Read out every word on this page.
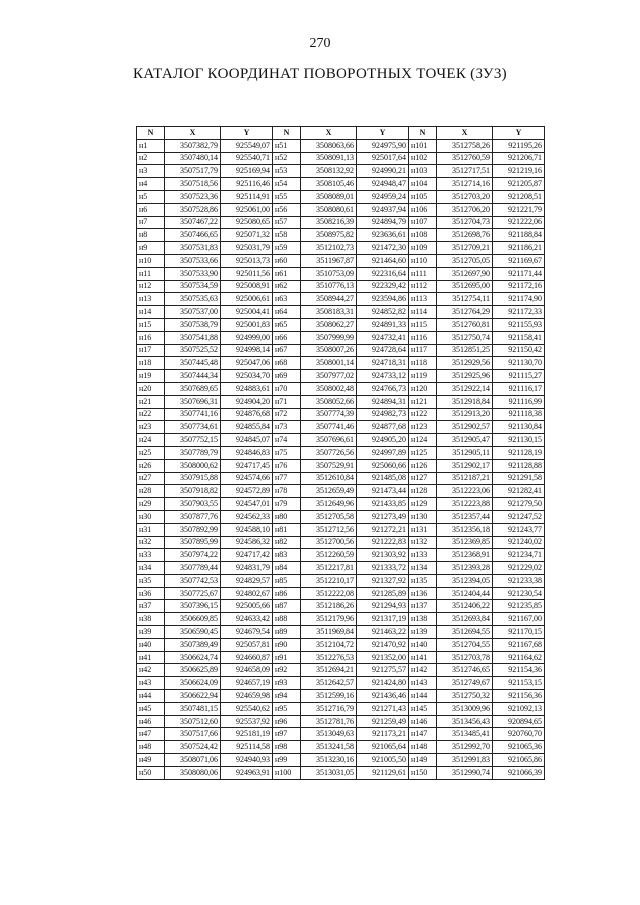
270
КАТАЛОГ КООРДИНАТ ПОВОРОТНЫХ ТОЧЕК (ЗУ3)
N	X	Y	N	X	Y	N	X	Y
н1	3507382,79	925549,07	н51	3508063,66	924975,90	н101	3512758,26	921195,26
н2	3507480,14	925540,71	н52	3508091,13	925017,64	н102	3512760,59	921206,71
н3	3507517,79	925169,94	н53	3508132,92	924990,21	н103	3512717,51	921219,16
н4	3507518,56	925116,46	н54	3508105,46	924948,47	н104	3512714,16	921205,87
н5	3507523,36	925114,91	н55	3508089,01	924959,24	н105	3512703,20	921208,51
н6	3507528,86	925061,00	н56	3508080,61	924937,94	н106	3512706,20	921221,79
н7	3507467,22	925080,65	н57	3508216,39	924894,79	н107	3512704,73	921222,06
н8	3507466,65	925071,32	н58	3508975,82	923636,61	н108	3512698,76	921188,84
н9	3507531,83	925031,79	н59	3512102,73	921472,30	н109	3512709,21	921186,21
н10	3507533,66	925013,73	н60	3511967,87	921464,60	н110	3512705,05	921169,67
н11	3507533,90	925011,56	н61	3510753,09	922316,64	н111	3512697,90	921171,44
н12	3507534,59	925008,91	н62	3510776,13	922329,42	н112	3512695,00	921172,16
н13	3507535,63	925006,61	н63	3508944,27	923594,86	н113	3512754,11	921174,90
н14	3507537,00	925004,41	н64	3508183,31	924852,82	н114	3512764,29	921172,33
н15	3507538,79	925001,83	н65	3508062,27	924891,33	н115	3512760,81	921155,93
н16	3507541,88	924999,00	н66	3507999,99	924732,41	н116	3512750,74	921158,41
н17	3507525,52	924998,14	н67	3508007,26	924728,64	н117	3512851,25	921150,42
н18	3507445,48	925047,06	н68	3508001,14	924718,31	н118	3512929,56	921130,70
н19	3507444,34	925034,70	н69	3507977,02	924733,12	н119	3512925,96	921115,27
н20	3507689,65	924883,61	н70	3508002,48	924766,73	н120	3512922,14	921116,17
н21	3507696,31	924904,20	н71	3508052,66	924894,31	н121	3512918,84	921116,99
н22	3507741,16	924876,68	н72	3507774,39	924982,73	н122	3512913,20	921118,38
н23	3507734,61	924855,84	н73	3507741,46	924877,68	н123	3512902,57	921130,84
н24	3507752,15	924845,07	н74	3507696,61	924905,20	н124	3512905,47	921130,15
н25	3507789,79	924846,83	н75	3507726,56	924997,89	н125	3512905,11	921128,19
н26	3508000,62	924717,45	н76	3507529,91	925060,66	н126	3512902,17	921128,88
н27	3507915,88	924574,66	н77	3512610,84	921485,08	н127	3512187,21	921291,58
н28	3507918,82	924572,89	н78	3512659,49	921473,44	н128	3512223,06	921282,41
н29	3507903,55	924547,01	н79	3512649,96	921433,85	н129	3512223,88	921279,50
н30	3507877,76	924562,33	н80	3512705,58	921273,49	н130	3512357,44	921247,52
н31	3507892,99	924588,10	н81	3512712,56	921272,21	н131	3512356,18	921243,77
н32	3507895,99	924586,32	н82	3512700,56	921222,83	н132	3512369,85	921240,02
н33	3507974,22	924717,42	н83	3512260,59	921303,92	н133	3512368,91	921234,71
н34	3507789,44	924831,79	н84	3512217,81	921333,72	н134	3512393,28	921229,02
н35	3507742,53	924829,57	н85	3512210,17	921327,92	н135	3512394,05	921233,38
н36	3507725,67	924802,67	н86	3512222,08	921285,89	н136	3512404,44	921230,54
н37	3507396,15	925005,66	н87	3512186,26	921294,93	н137	3512406,22	921235,85
н38	3506609,85	924633,42	н88	3512179,96	921317,19	н138	3512693,84	921167,00
н39	3506590,45	924679,54	н89	3511969,84	921463,22	н139	3512694,55	921170,15
н40	3507389,49	925057,81	н90	3512104,72	921470,92	н140	3512704,55	921167,68
н41	3506624,74	924660,87	н91	3512276,53	921352,00	н141	3512703,78	921164,62
н42	3506625,89	924658,09	н92	3512694,21	921275,57	н142	3512746,65	921154,36
н43	3506624,09	924657,19	н93	3512642,57	921424,80	н143	3512749,67	921153,15
н44	3506622,94	924659,98	н94	3512599,16	921436,46	н144	3512750,32	921156,36
н45	3507481,15	925540,62	н95	3512716,79	921271,43	н145	3513009,96	921092,13
н46	3507512,60	925537,92	н96	3512781,76	921259,49	н146	3513456,43	920894,65
н47	3507517,66	925181,19	н97	3513049,63	921173,21	н147	3513485,41	920760,70
н48	3507524,42	925114,58	н98	3513241,58	921065,64	н148	3512992,70	921065,36
н49	3508071,06	924940,93	н99	3513230,16	921005,50	н149	3512991,83	921065,86
н50	3508080,06	924963,91	н100	3513031,05	921129,61	н150	3512990,74	921066,39
